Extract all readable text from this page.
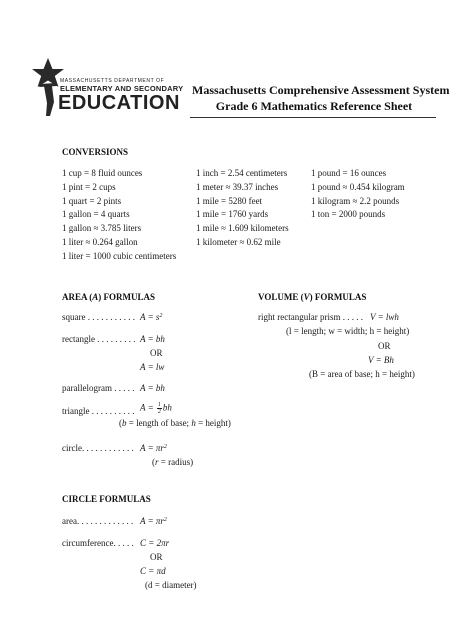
MASSACHUSETTS DEPARTMENT OF
ELEMENTARY AND SECONDARY
EDUCATION
Massachusetts Comprehensive Assessment System
Grade 6 Mathematics Reference Sheet
CONVERSIONS
1 cup = 8 fluid ounces
1 pint = 2 cups
1 quart = 2 pints
1 gallon = 4 quarts
1 gallon ≈ 3.785 liters
1 liter ≈ 0.264 gallon
1 liter = 1000 cubic centimeters
1 inch = 2.54 centimeters
1 meter ≈ 39.37 inches
1 mile = 5280 feet
1 mile = 1760 yards
1 mile ≈ 1.609 kilometers
1 kilometer ≈ 0.62 mile
1 pound = 16 ounces
1 pound ≈ 0.454 kilogram
1 kilogram ≈ 2.2 pounds
1 ton = 2000 pounds
AREA (A) FORMULAS
square . . . . . . . . . . . $A = s^2$
rectangle . . . . . . . . . A = bh
OR
A = lw
parallelogram . . . . . A = bh
triangle . . . . . . . . . . $A = \frac{1}{2}$ bh
(b = length of base; h = height)
circle. . . . . . . . . . . . $A = \pi r^2$
(r = radius)
VOLUME (V) FORMULAS
right rectangular prism . . . . . V = lwh
(l = length; w = width; h = height)
OR
V = Bh
(B = area of base; h = height)
CIRCLE FORMULAS
area. . . . . . . . . . . . . $A = \pi r^2$
circumference. . . . . C = 2πr
OR
C = πd
(d = diameter)
